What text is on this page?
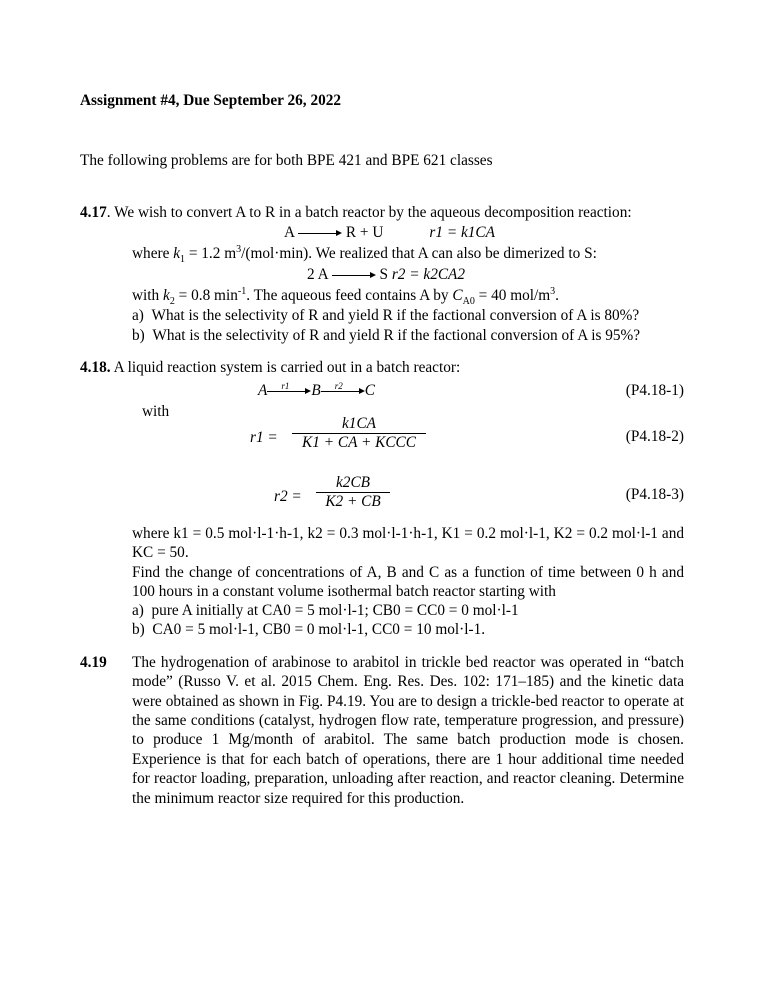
Assignment #4, Due September 26, 2022
The following problems are for both BPE 421 and BPE 621 classes
4.17. We wish to convert A to R in a batch reactor by the aqueous decomposition reaction:
A	R + U	r1 = k1CA
where $k_1 = 1.2$ $m^3/(mol\cdot\min)$. We realized that A can also be dimerized to S:
2 A	S r2 = k2CA2
with $k_2 = 0.8$ $\min^{-1}$. The aqueous feed contains A by $C_{A0} = 40$ mol/$m^3$.
a)  What is the selectivity of R and yield R if the factional conversion of A is 80%?
b)  What is the selectivity of R and yield R if the factional conversion of A is 95%?
4.18. A liquid reaction system is carried out in a batch reactor:
A r1 B r2 C	(P4.18-1)
with
r1 =
k1CA
K1 + CA + KCCC	(P4.18-2)
$r2 = \frac{k2CB}{K2 + CB}$	(P4.18-3)
where k1 = 0.5 mol·l-1·h-1, k2 = 0.3 mol·l-1·h-1, K1 = 0.2 mol·l-1, K2 = 0.2 mol·l-1 and KC = 50.
Find the change of concentrations of A, B and C as a function of time between 0 h and 100 hours in a constant volume isothermal batch reactor starting with
a)  pure A initially at CA0 = 5 mol·l-1; CB0 = CC0 = 0 mol·l-1
b)  CA0 = 5 mol·l-1, CB0 = 0 mol·l-1, CC0 = 10 mol·l-1.
4.19 The hydrogenation of arabinose to arabitol in trickle bed reactor was operated in “batch mode” (Russo V. et al. 2015 Chem. Eng. Res. Des. 102: 171–185) and the kinetic data were obtained as shown in Fig. P4.19. You are to design a trickle-bed reactor to operate at the same conditions (catalyst, hydrogen flow rate, temperature progression, and pressure) to produce 1 Mg/month of arabitol. The same batch production mode is chosen. Experience is that for each batch of operations, there are 1 hour additional time needed for reactor loading, preparation, unloading after reaction, and reactor cleaning. Determine the minimum reactor size required for this production.
